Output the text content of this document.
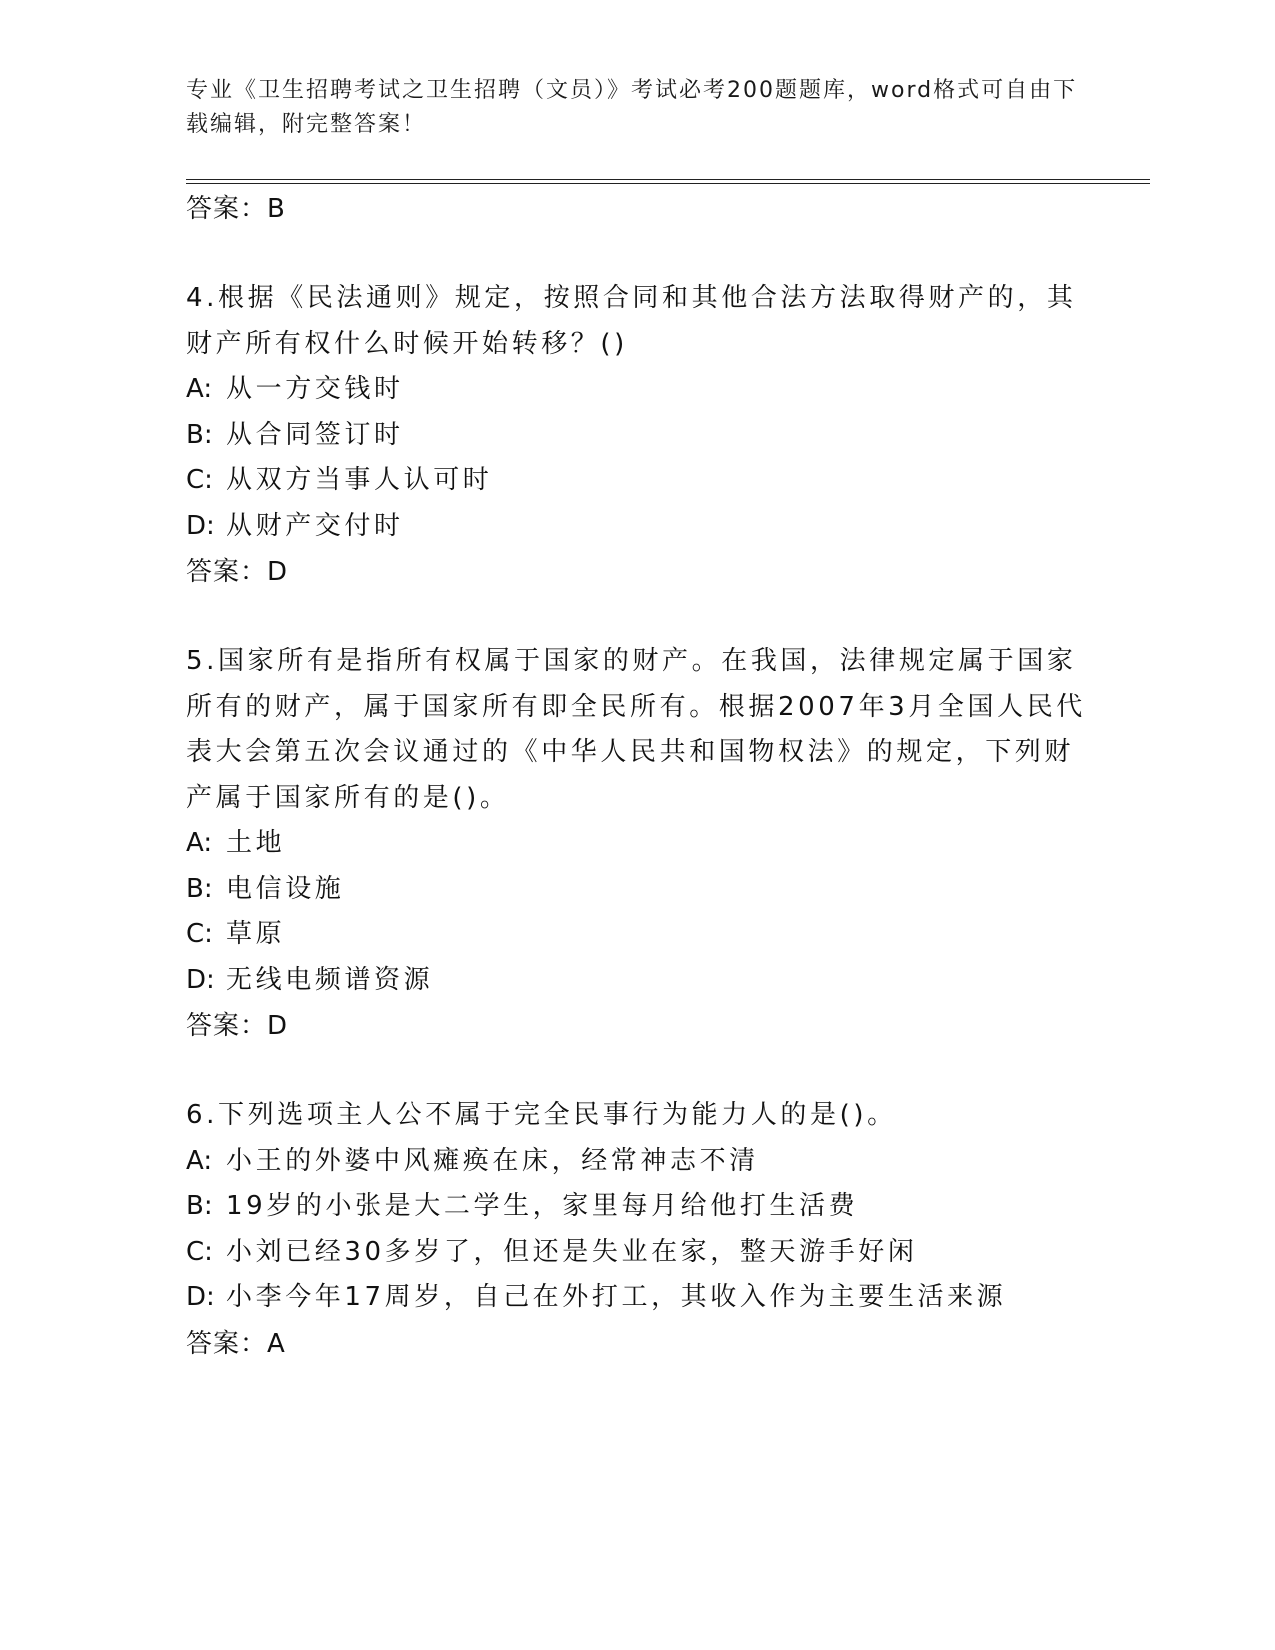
专业《卫生招聘考试之卫生招聘（文员）》考试必考200题题库，word格式可自由下载编辑，附完整答案！

答案：B

4.根据《民法通则》规定，按照合同和其他合法方法取得财产的，其财产所有权什么时候开始转移？()

A: 从一方交钱时

B: 从合同签订时

C: 从双方当事人认可时

D: 从财产交付时

答案：D

5.国家所有是指所有权属于国家的财产。在我国，法律规定属于国家所有的财产，属于国家所有即全民所有。根据2007年3月全国人民代表大会第五次会议通过的《中华人民共和国物权法》的规定，下列财产属于国家所有的是()。

A: 土地

B: 电信设施

C: 草原

D: 无线电频谱资源

答案：D

6.下列选项主人公不属于完全民事行为能力人的是()。

A: 小王的外婆中风瘫痪在床，经常神志不清

B: 19岁的小张是大二学生，家里每月给他打生活费

C: 小刘已经30多岁了，但还是失业在家，整天游手好闲

D: 小李今年17周岁，自己在外打工，其收入作为主要生活来源

答案：A
